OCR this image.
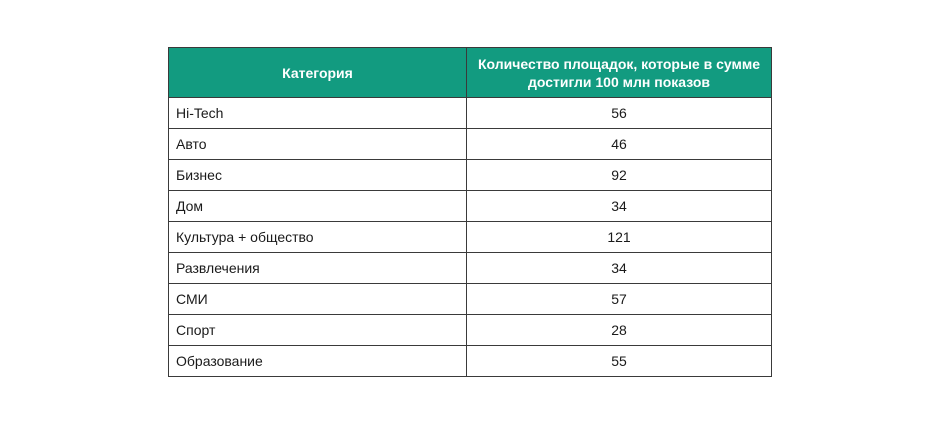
Категория	Количество площадок, которые в сумме достигли 100 млн показов
Hi-Tech	56
Авто	46
Бизнес	92
Дом	34
Культура + общество	121
Развлечения	34
СМИ	57
Спорт	28
Образование	55
